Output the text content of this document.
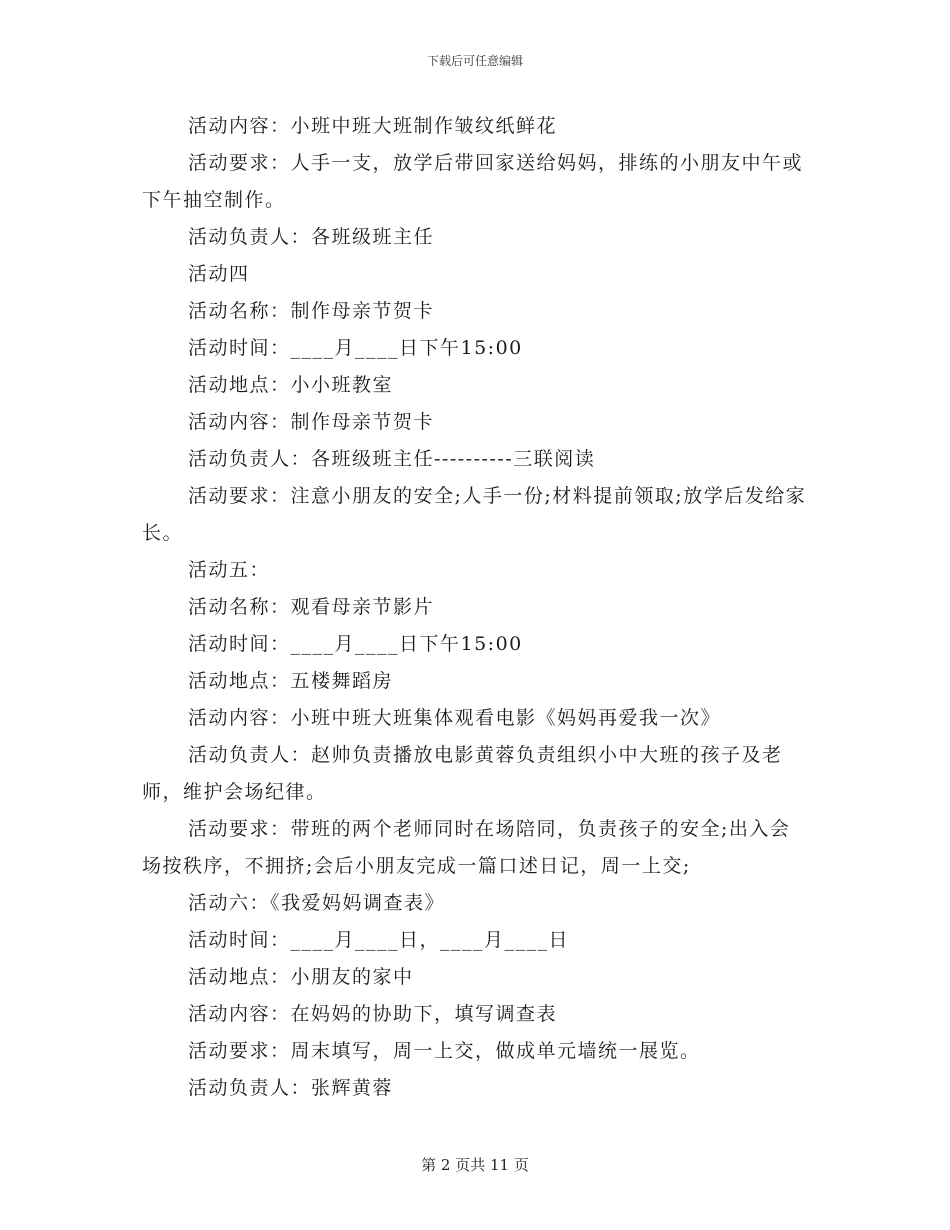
下载后可任意编辑

活动内容：小班中班大班制作皱纹纸鲜花

活动要求：人手一支，放学后带回家送给妈妈，排练的小朋友中午或下午抽空制作。

活动负责人：各班级班主任

活动四

活动名称：制作母亲节贺卡

活动时间：____月____日下午15:00

活动地点：小小班教室

活动内容：制作母亲节贺卡

活动负责人：各班级班主任----------三联阅读

活动要求：注意小朋友的安全;人手一份;材料提前领取;放学后发给家长。

活动五：

活动名称：观看母亲节影片

活动时间：____月____日下午15:00

活动地点：五楼舞蹈房

活动内容：小班中班大班集体观看电影《妈妈再爱我一次》

活动负责人：赵帅负责播放电影黄蓉负责组织小中大班的孩子及老师，维护会场纪律。

活动要求：带班的两个老师同时在场陪同，负责孩子的安全;出入会场按秩序，不拥挤;会后小朋友完成一篇口述日记，周一上交;

活动六：《我爱妈妈调查表》

活动时间：____月____日，____月____日

活动地点：小朋友的家中

活动内容：在妈妈的协助下，填写调查表

活动要求：周末填写，周一上交，做成单元墙统一展览。

活动负责人：张辉黄蓉

第 2 页共 11 页
